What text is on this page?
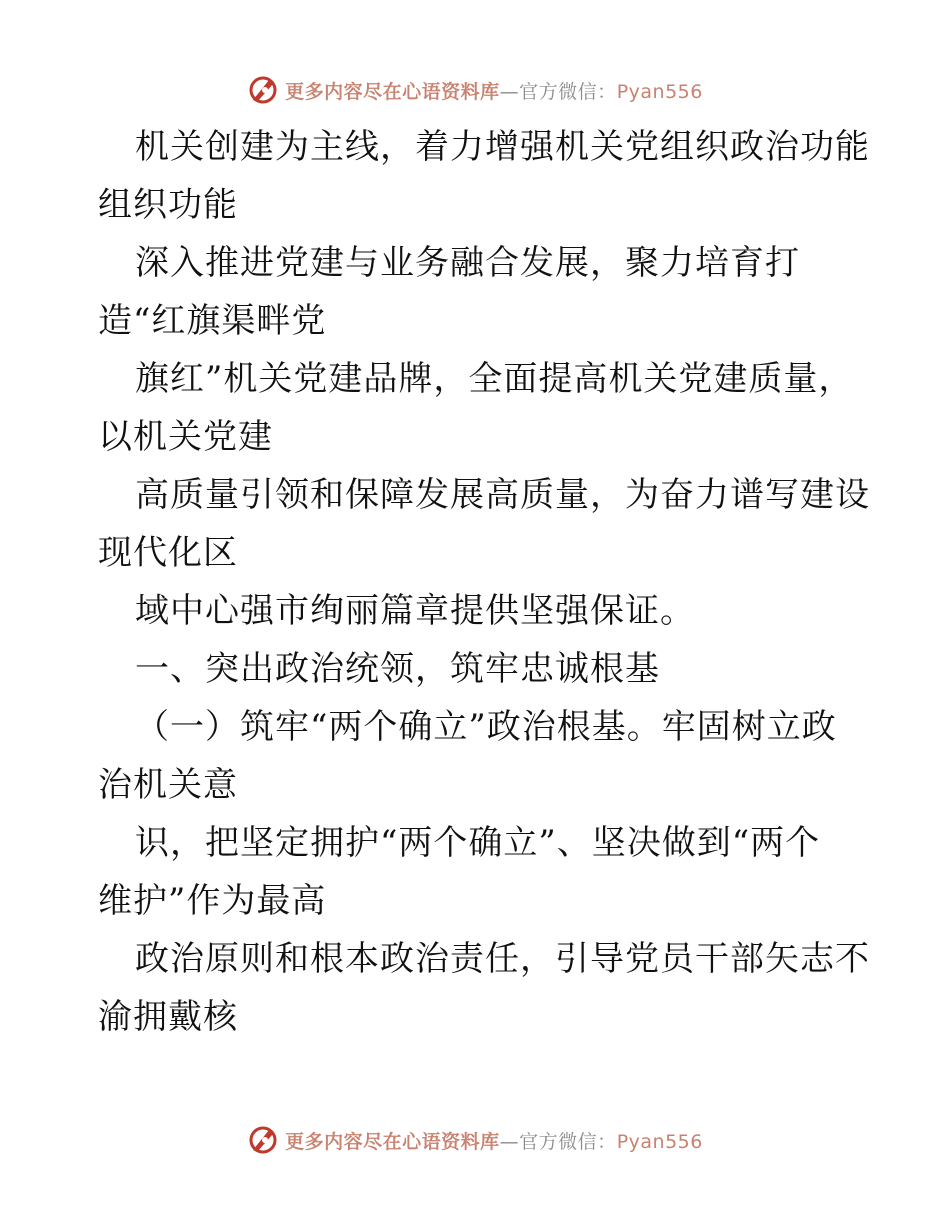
更多内容尽在心语资料库—官方微信：Pyan556
机关创建为主线，着力增强机关党组织政治功能
组织功能
深入推进党建与业务融合发展，聚力培育打
造“红旗渠畔党
旗红”机关党建品牌，全面提高机关党建质量，
以机关党建
高质量引领和保障发展高质量，为奋力谱写建设
现代化区
域中心强市绚丽篇章提供坚强保证。
一、突出政治统领，筑牢忠诚根基
（一）筑牢“两个确立”政治根基。牢固树立政
治机关意
识，把坚定拥护“两个确立”、坚决做到“两个
维护”作为最高
政治原则和根本政治责任，引导党员干部矢志不
渝拥戴核
更多内容尽在心语资料库—官方微信：Pyan556
